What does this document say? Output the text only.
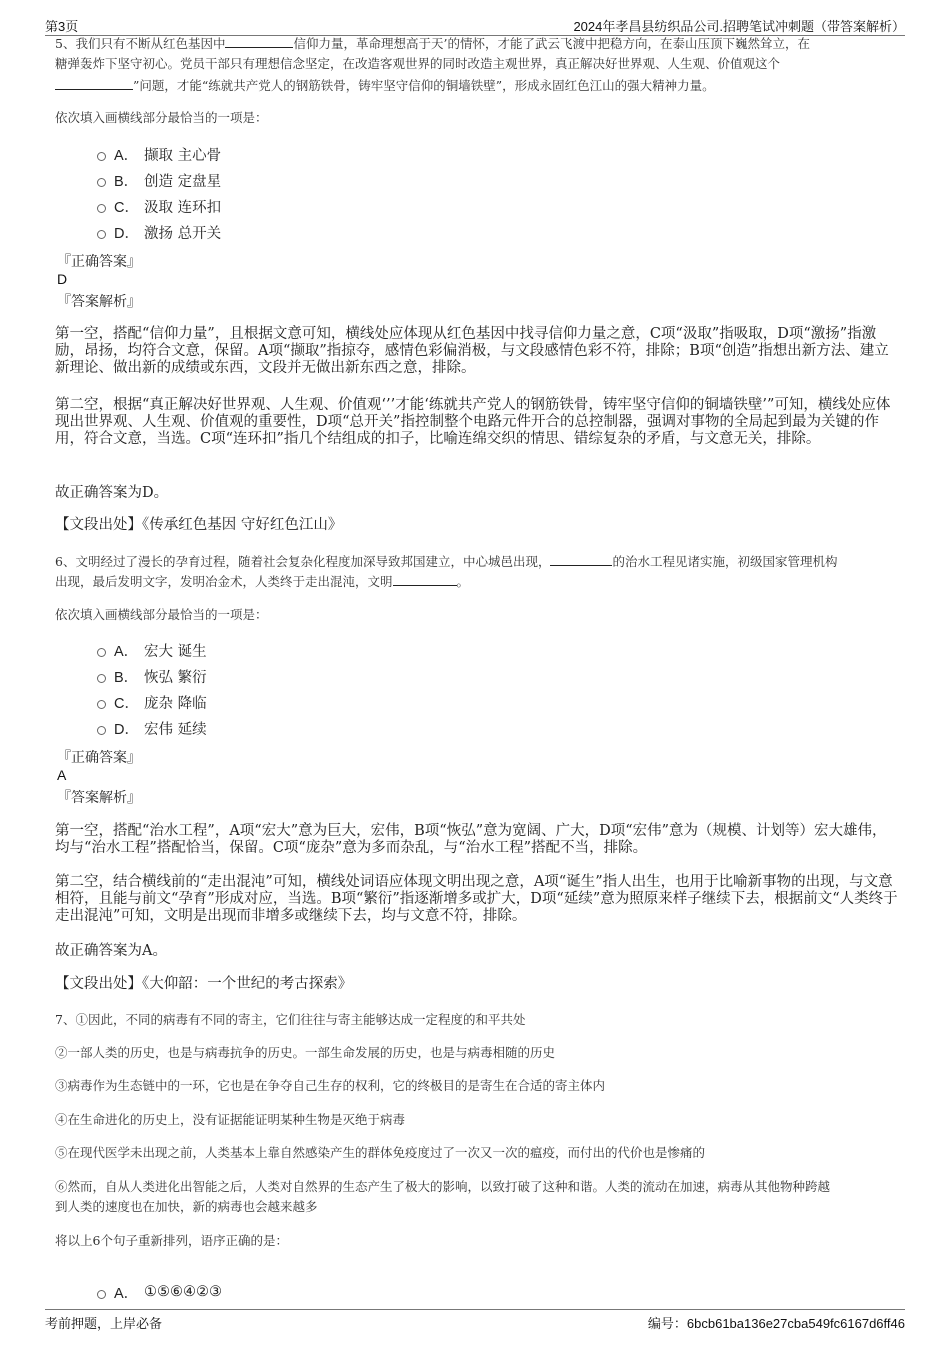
第3页	2024年孝昌县纺织品公司.招聘笔试冲刺题（带答案解析）
5、我们只有不断从红色基因中	信仰力量，革命理想高于天’的情怀，才能了武云飞渡中把稳方向，在泰山压顶下巍然耸立，在
糖弹轰炸下坚守初心。党员干部只有理想信念坚定，在改造客观世界的同时改造主观世界，真正解决好世界观、人生观、价值观这个
”问题，才能“练就共产党人的钢筋铁骨，铸牢坚守信仰的铜墙铁壁”，形成永固红色江山的强大精神力量。
依次填入画横线部分最恰当的一项是：
A． 撷取 主心骨
B． 创造 定盘星
C． 汲取 连环扣
D． 激扬 总开关
『正确答案』
D
『答案解析』
第一空，搭配“信仰力量”，且根据文意可知，横线处应体现从红色基因中找寻信仰力量之意，C项“汲取”指吸取，D项“激扬”指激励，昂扬，均符合文意，保留。A项“撷取”指掠夺，感情色彩偏消极，与文段感情色彩不符，排除；B项“创造”指想出新方法、建立新理论、做出新的成绩或东西，文段并无做出新东西之意，排除。
第二空，根据“真正解决好世界观、人生观、价值观‘’’才能‘练就共产党人的钢筋铁骨，铸牢坚守信仰的铜墙铁壁’”可知，横线处应体现出世界观、人生观、价值观的重要性，D项“总开关”指控制整个电路元件开合的总控制器，强调对事物的全局起到最为关键的作用，符合文意，当选。C项“连环扣”指几个结组成的扣子，比喻连绵交织的情思、错综复杂的矛盾，与文意无关，排除。
故正确答案为D。
【文段出处】《传承红色基因 守好红色江山》
6、文明经过了漫长的孕育过程，随着社会复杂化程度加深导致邦国建立，中心城邑出现，	的治水工程见诸实施，初级国家管理机构
出现，最后发明文字，发明冶金术，人类终于走出混沌，文明	。
依次填入画横线部分最恰当的一项是：
A． 宏大 诞生
B． 恢弘 繁衍
C． 庞杂 降临
D． 宏伟 延续
『正确答案』
A
『答案解析』
第一空，搭配“治水工程”，A项“宏大”意为巨大，宏伟，B项“恢弘”意为宽阔、广大，D项“宏伟”意为（规模、计划等）宏大雄伟，均与“治水工程”搭配恰当，保留。C项“庞杂”意为多而杂乱，与“治水工程”搭配不当，排除。
第二空，结合横线前的“走出混沌”可知，横线处词语应体现文明出现之意，A项“诞生”指人出生，也用于比喻新事物的出现，与文意相符，且能与前文“孕育”形成对应，当选。B项“繁衍”指逐渐增多或扩大，D项“延续”意为照原来样子继续下去，根据前文“人类终于走出混沌”可知，文明是出现而非增多或继续下去，均与文意不符，排除。
故正确答案为A。
【文段出处】《大仰韶：一个世纪的考古探索》
7、①因此，不同的病毒有不同的寄主，它们往往与寄主能够达成一定程度的和平共处
②一部人类的历史，也是与病毒抗争的历史。一部生命发展的历史，也是与病毒相随的历史
③病毒作为生态链中的一环，它也是在争夺自己生存的权利，它的终极目的是寄生在合适的寄主体内
④在生命进化的历史上，没有证据能证明某种生物是灭绝于病毒
⑤在现代医学未出现之前，人类基本上靠自然感染产生的群体免疫度过了一次又一次的瘟疫，而付出的代价也是惨痛的
⑥然而，自从人类进化出智能之后，人类对自然界的生态产生了极大的影响，以致打破了这种和谐。人类的流动在加速，病毒从其他物种跨越
到人类的速度也在加快，新的病毒也会越来越多
将以上6个句子重新排列，语序正确的是：
A． ①⑤⑥④②③
考前押题，上岸必备	编号：6bcb61ba136e27cba549fc6167d6ff46
